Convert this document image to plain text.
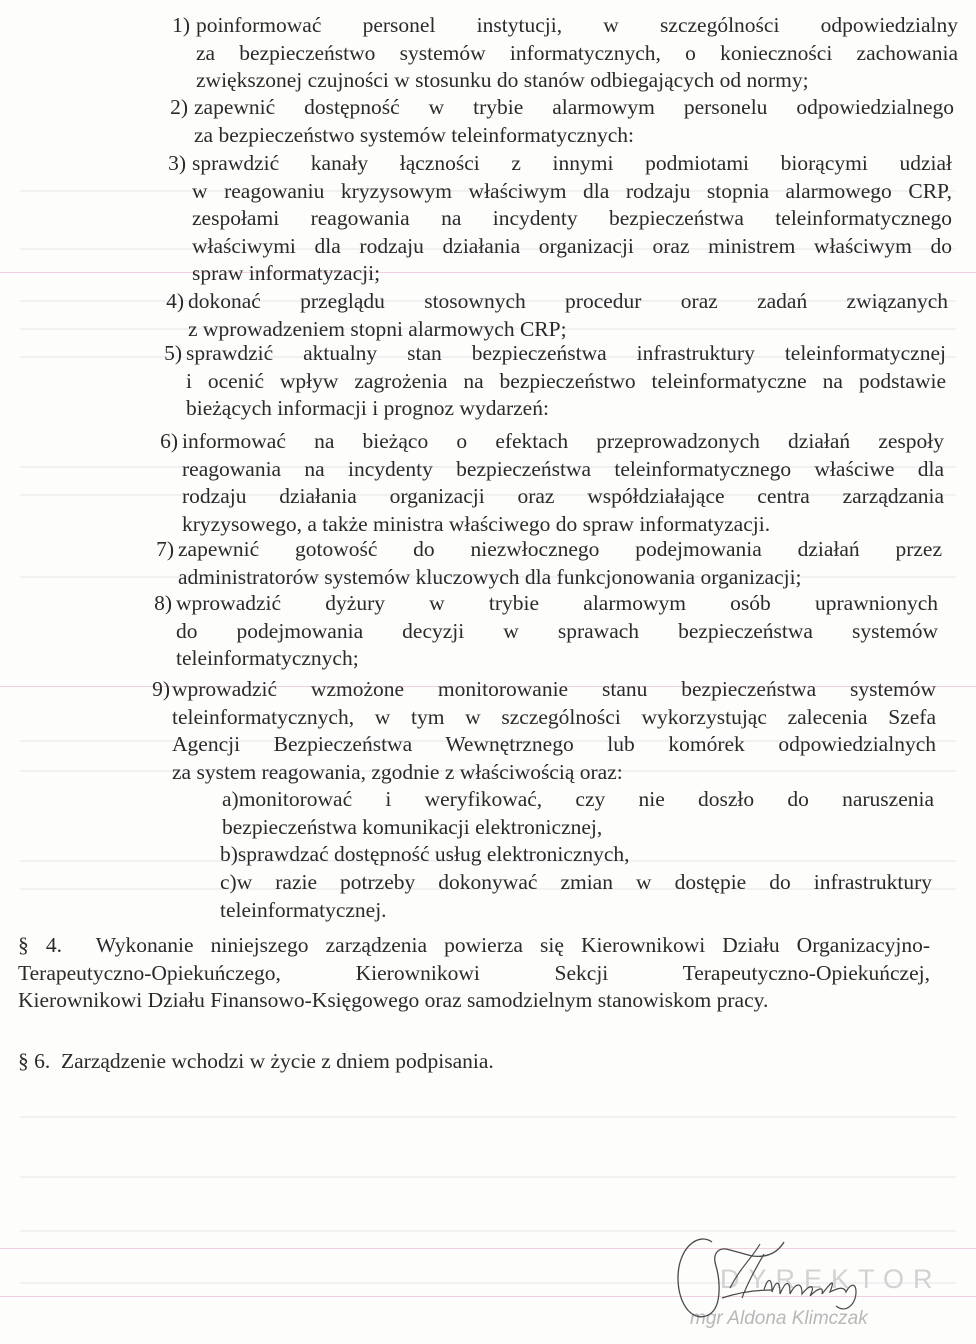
1) poinformować personel instytucji, w szczególności odpowiedzialny
za bezpieczeństwo systemów informatycznych, o konieczności zachowania
zwiększonej czujności w stosunku do stanów odbiegających od normy;
2) zapewnić dostępność w trybie alarmowym personelu odpowiedzialnego
za bezpieczeństwo systemów teleinformatycznych:
3) sprawdzić kanały łączności z innymi podmiotami biorącymi udział
w reagowaniu kryzysowym właściwym dla rodzaju stopnia alarmowego CRP,
zespołami reagowania na incydenty bezpieczeństwa teleinformatycznego
właściwymi dla rodzaju działania organizacji oraz ministrem właściwym do
spraw informatyzacji;
4) dokonać przeglądu stosownych procedur oraz zadań związanych
z wprowadzeniem stopni alarmowych CRP;
5) sprawdzić aktualny stan bezpieczeństwa infrastruktury teleinformatycznej
i ocenić wpływ zagrożenia na bezpieczeństwo teleinformatyczne na podstawie
bieżących informacji i prognoz wydarzeń:
6) informować na bieżąco o efektach przeprowadzonych działań zespoły
reagowania na incydenty bezpieczeństwa teleinformatycznego właściwe dla
rodzaju działania organizacji oraz współdziałające centra zarządzania
kryzysowego, a także ministra właściwego do spraw informatyzacji.
7) zapewnić gotowość do niezwłocznego podejmowania działań przez
administratorów systemów kluczowych dla funkcjonowania organizacji;
8) wprowadzić dyżury w trybie alarmowym osób uprawnionych
do podejmowania decyzji w sprawach bezpieczeństwa systemów
teleinformatycznych;
9) wprowadzić wzmożone monitorowanie stanu bezpieczeństwa systemów
teleinformatycznych, w tym w szczególności wykorzystując zalecenia Szefa
Agencji Bezpieczeństwa Wewnętrznego lub komórek odpowiedzialnych
za system reagowania, zgodnie z właściwością oraz:
a)monitorować i weryfikować, czy nie doszło do naruszenia
bezpieczeństwa komunikacji elektronicznej,
b)sprawdzać dostępność usług elektronicznych,
c)w razie potrzeby dokonywać zmian w dostępie do infrastruktury
teleinformatycznej.
§ 4. Wykonanie niniejszego zarządzenia powierza się Kierownikowi Działu Organizacyjno-
Terapeutyczno-Opiekuńczego, Kierownikowi Sekcji Terapeutyczno-Opiekuńczej,
Kierownikowi Działu Finansowo-Księgowego oraz samodzielnym stanowiskom pracy.
§ 6. Zarządzenie wchodzi w życie z dniem podpisania.
DYREKTOR
mgr Aldona Klimczak
